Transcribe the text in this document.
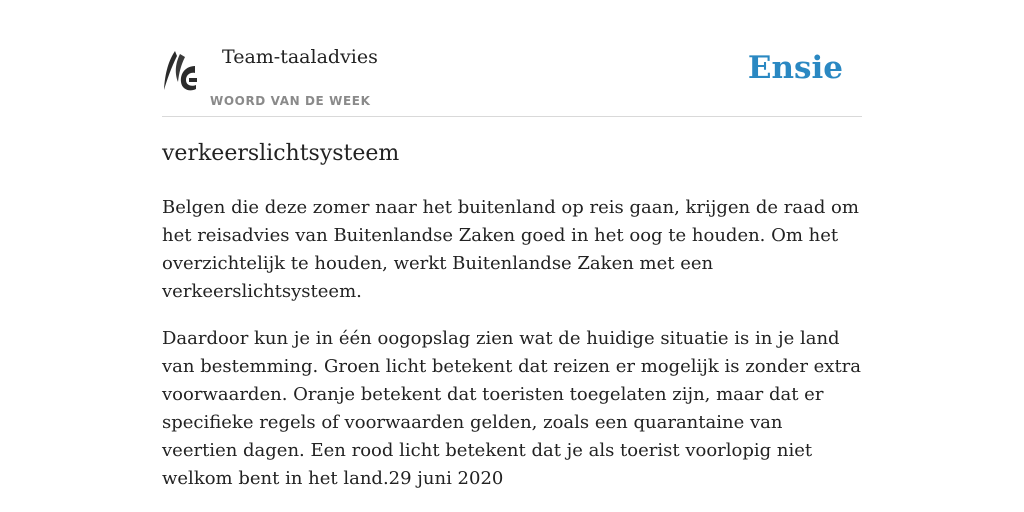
Team-taaladvies
WOORD VAN DE WEEK
Ensie
verkeerslichtsysteem

Belgen die deze zomer naar het buitenland op reis gaan, krijgen de raad om het reisadvies van Buitenlandse Zaken goed in het oog te houden. Om het overzichtelijk te houden, werkt Buitenlandse Zaken met een verkeerslichtsysteem.

Daardoor kun je in één oogopslag zien wat de huidige situatie is in je land van bestemming. Groen licht betekent dat reizen er mogelijk is zonder extra voorwaarden. Oranje betekent dat toeristen toegelaten zijn, maar dat er specifieke regels of voorwaarden gelden, zoals een quarantaine van veertien dagen. Een rood licht betekent dat je als toerist voorlopig niet welkom bent in het land.29 juni 2020
